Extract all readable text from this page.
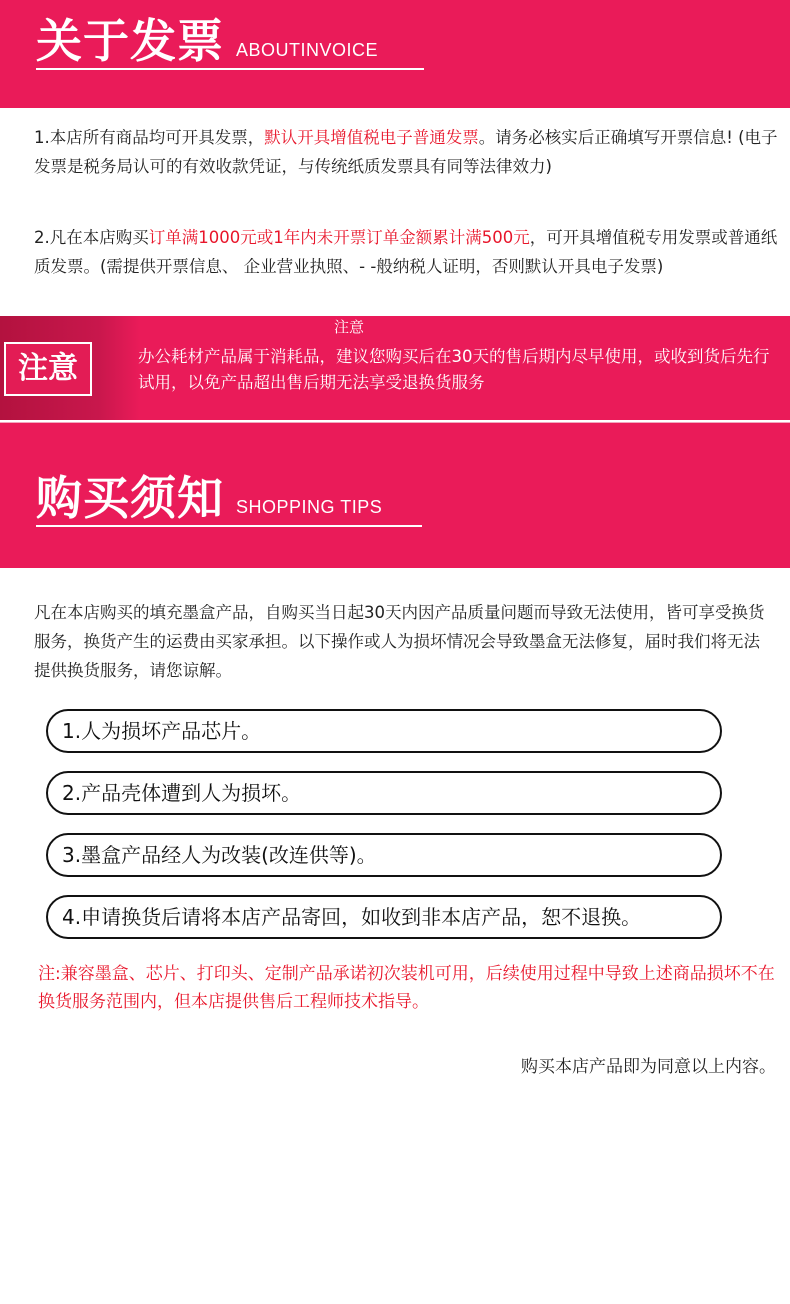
关于发票 ABOUTINVOICE

1.本店所有商品均可开具发票，默认开具增值税电子普通发票。请务必核实后正确填写开票信息! (电子 发票是税务局认可的有效收款凭证，与传统纸质发票具有同等法律效力)

2.凡在本店购买订单满1000元或1年内未开票订单金额累计满500元，可开具增值税专用发票或普通纸质发票。(需提供开票信息、 企业营业执照、- -般纳税人证明，否则默认开具电子发票)

注意
注意

办公耗材产品属于消耗品，建议您购买后在30天的售后期内尽早使用，或收到货后先行试用，以免产品超出售后期无法享受退换货服务

购买须知 SHOPPING TIPS

凡在本店购买的填充墨盒产品，自购买当日起30天内因产品质量问题而导致无法使用，皆可享受换货服务，换货产生的运费由买家承担。以下操作或人为损坏情况会导致墨盒无法修复，届时我们将无法提供换货服务，请您谅解。

1.人为损坏产品芯片。
2.产品壳体遭到人为损坏。
3.墨盒产品经人为改装(改连供等)。
4.申请换货后请将本店产品寄回，如收到非本店产品，恕不退换。

注:兼容墨盒、芯片、打印头、定制产品承诺初次装机可用，后续使用过程中导致上述商品损坏不在换货服务范围内，但本店提供售后工程师技术指导。

购买本店产品即为同意以上内容。
